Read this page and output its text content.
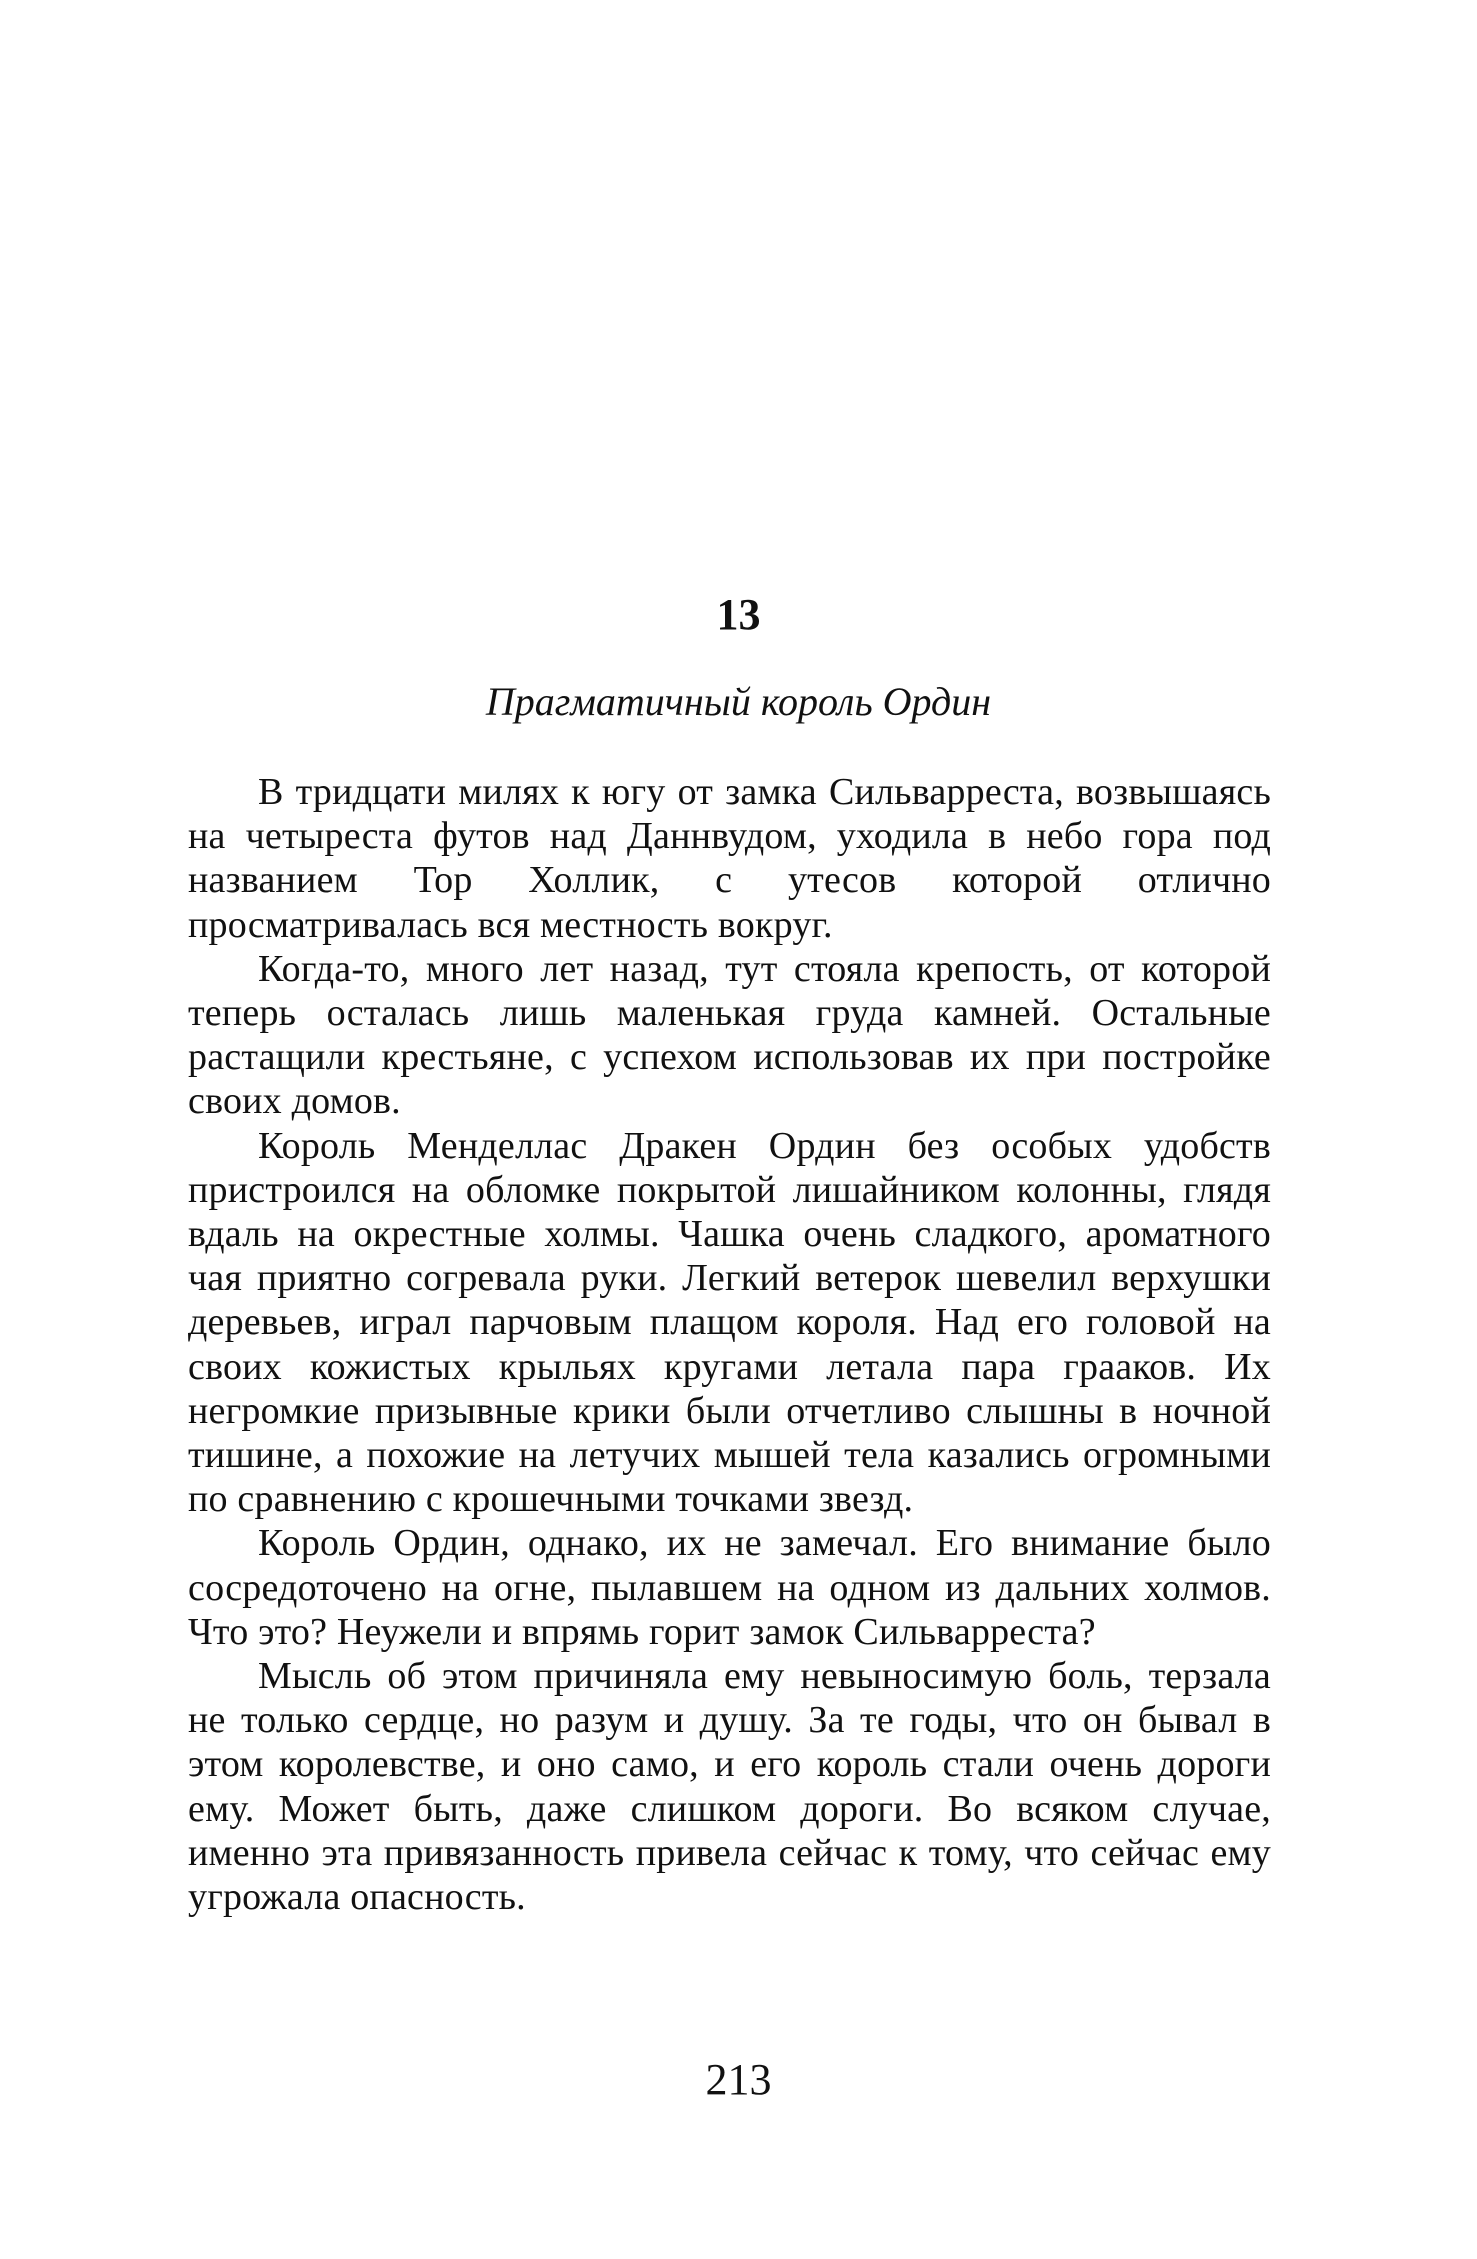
13
Прагматичный король Ордин

В тридцати милях к югу от замка Сильварреста, возвышаясь на четыреста футов над Даннвудом, уходила в небо гора под названием Тор Холлик, с утесов которой отлично просматривалась вся местность вокруг.

Когда-то, много лет назад, тут стояла крепость, от которой теперь осталась лишь маленькая груда камней. Остальные растащили крестьяне, с успехом использовав их при постройке своих домов.

Король Менделлас Дракен Ордин без особых удобств пристроился на обломке покрытой лишайником колонны, глядя вдаль на окрестные холмы. Чашка очень сладкого, ароматного чая приятно согревала руки. Легкий ветерок шевелил верхушки деревьев, играл парчовым плащом короля. Над его головой на своих кожистых крыльях кругами летала пара грааков. Их негромкие призывные крики были отчетливо слышны в ночной тишине, а похожие на летучих мышей тела казались огромными по сравнению с крошечными точками звезд.

Король Ордин, однако, их не замечал. Его внимание было сосредоточено на огне, пылавшем на одном из дальних холмов. Что это? Неужели и впрямь горит замок Сильварреста?

Мысль об этом причиняла ему невыносимую боль, терзала не только сердце, но разум и душу. За те годы, что он бывал в этом королевстве, и оно само, и его король стали очень дороги ему. Может быть, даже слишком дороги. Во всяком случае, именно эта привязанность привела сейчас к тому, что сейчас ему угрожала опасность.

213
